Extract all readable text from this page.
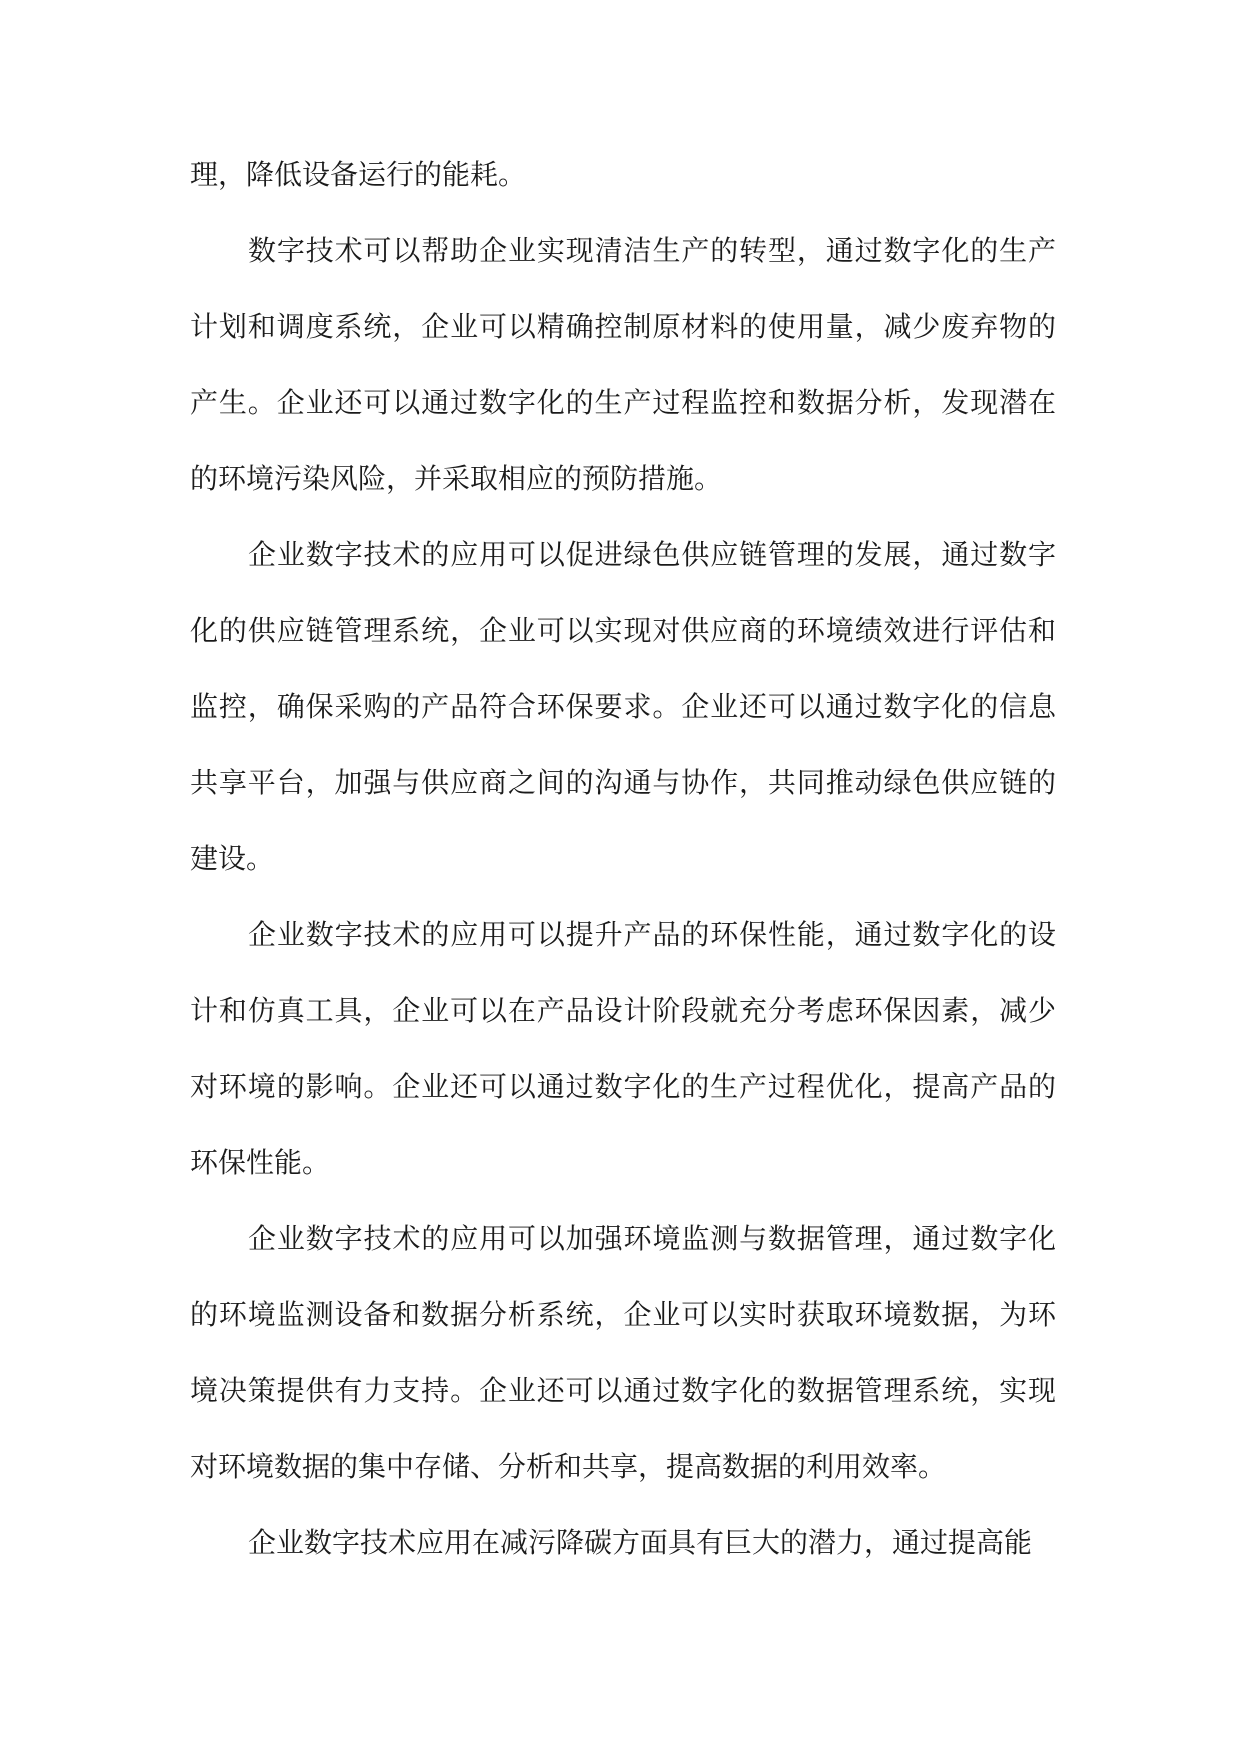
理，降低设备运行的能耗。

数字技术可以帮助企业实现清洁生产的转型，通过数字化的生产计划和调度系统，企业可以精确控制原材料的使用量，减少废弃物的产生。企业还可以通过数字化的生产过程监控和数据分析，发现潜在的环境污染风险，并采取相应的预防措施。

企业数字技术的应用可以促进绿色供应链管理的发展，通过数字化的供应链管理系统，企业可以实现对供应商的环境绩效进行评估和监控，确保采购的产品符合环保要求。企业还可以通过数字化的信息共享平台，加强与供应商之间的沟通与协作，共同推动绿色供应链的建设。

企业数字技术的应用可以提升产品的环保性能，通过数字化的设计和仿真工具，企业可以在产品设计阶段就充分考虑环保因素，减少对环境的影响。企业还可以通过数字化的生产过程优化，提高产品的环保性能。

企业数字技术的应用可以加强环境监测与数据管理，通过数字化的环境监测设备和数据分析系统，企业可以实时获取环境数据，为环境决策提供有力支持。企业还可以通过数字化的数据管理系统，实现对环境数据的集中存储、分析和共享，提高数据的利用效率。

企业数字技术应用在减污降碳方面具有巨大的潜力，通过提高能
